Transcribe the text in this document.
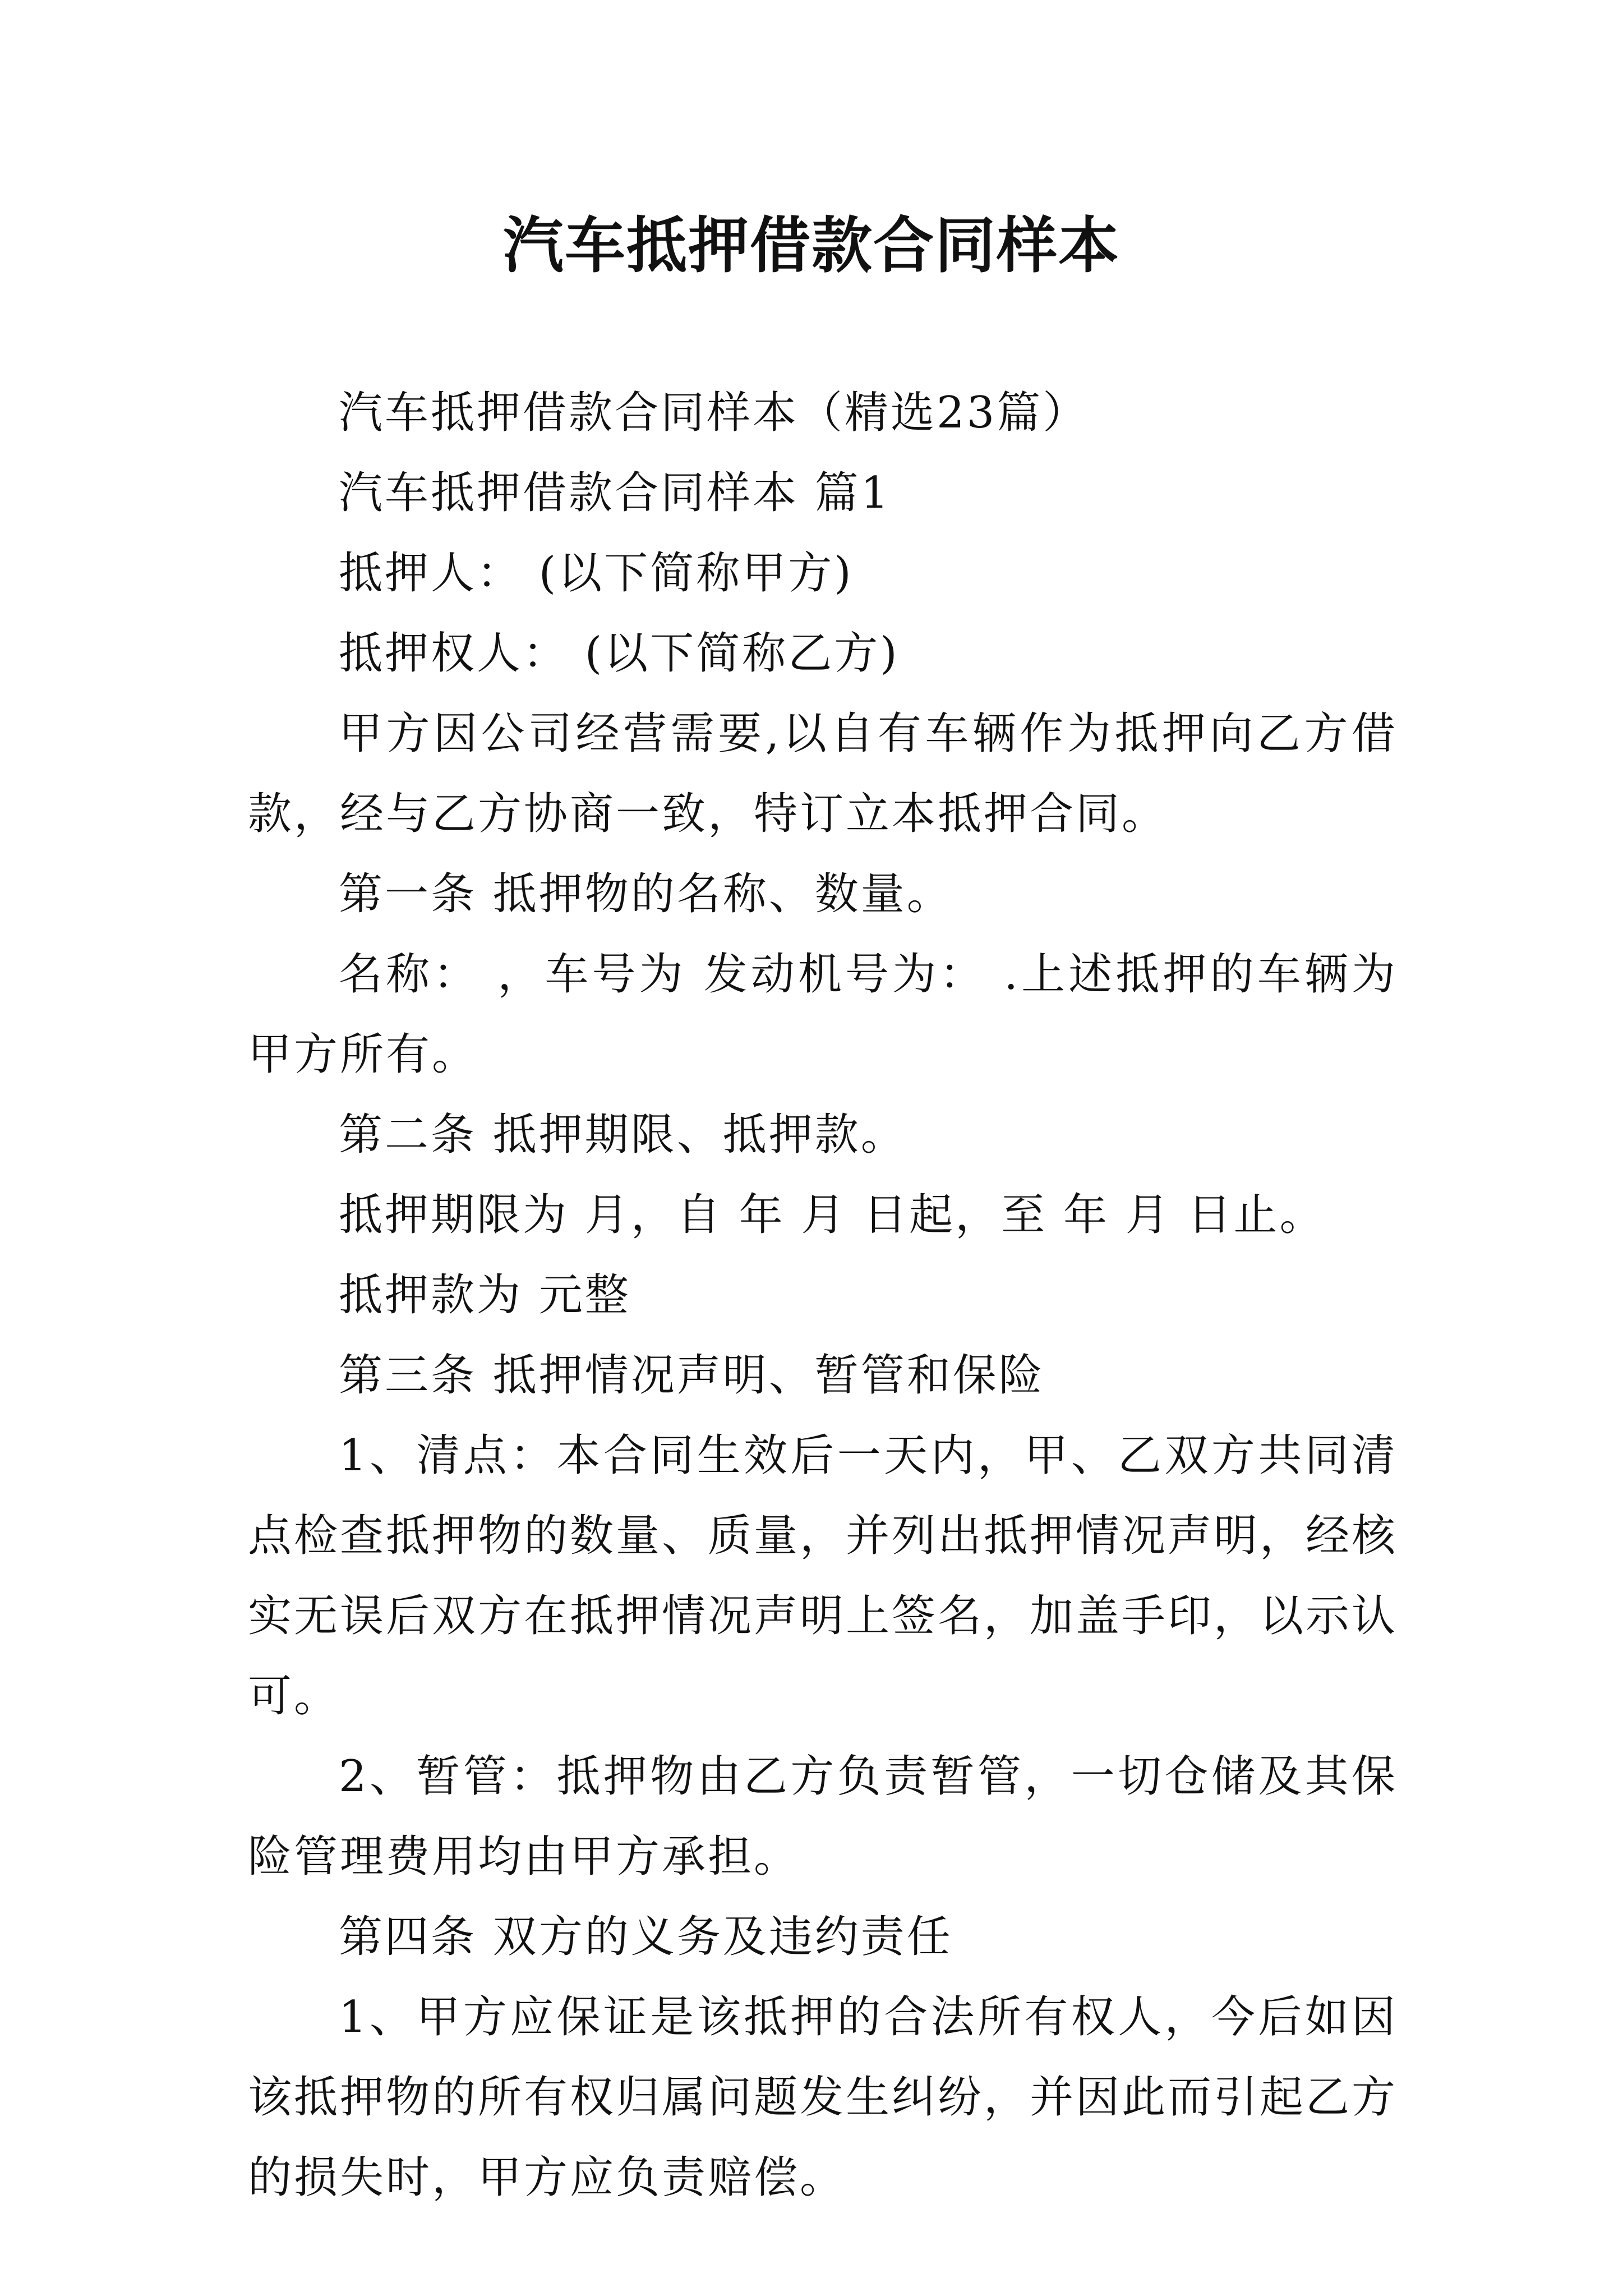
汽车抵押借款合同样本

汽车抵押借款合同样本（精选23篇）

汽车抵押借款合同样本 篇1

抵押人： (以下简称甲方)

抵押权人： (以下简称乙方)

甲方因公司经营需要,以自有车辆作为抵押向乙方借款，经与乙方协商一致，特订立本抵押合同。

第一条 抵押物的名称、数量。

名称： ，车号为 发动机号为： .上述抵押的车辆为甲方所有。

第二条 抵押期限、抵押款。

抵押期限为 月，自 年 月 日起，至 年 月 日止。

抵押款为 元整

第三条 抵押情况声明、暂管和保险

1、清点：本合同生效后一天内，甲、乙双方共同清点检查抵押物的数量、质量，并列出抵押情况声明，经核实无误后双方在抵押情况声明上签名，加盖手印，以示认可。

2、暂管：抵押物由乙方负责暂管，一切仓储及其保险管理费用均由甲方承担。

第四条 双方的义务及违约责任

1、甲方应保证是该抵押的合法所有权人，今后如因该抵押物的所有权归属问题发生纠纷，并因此而引起乙方的损失时，甲方应负责赔偿。
